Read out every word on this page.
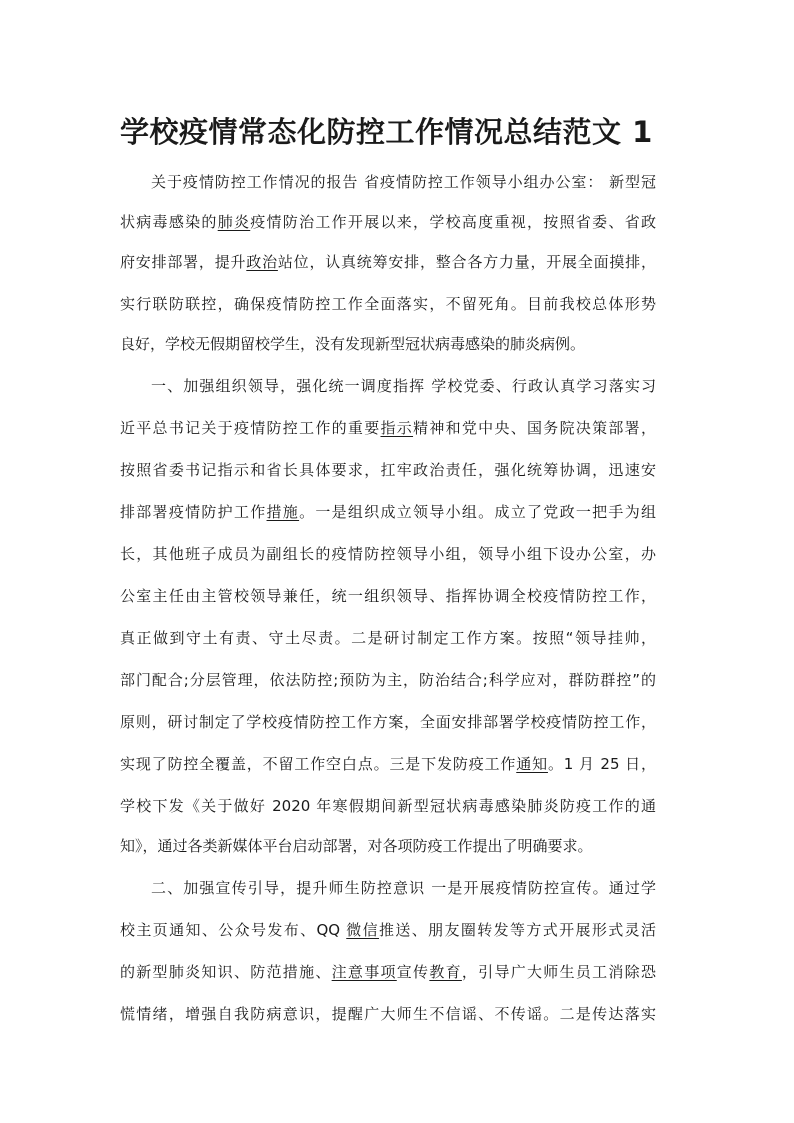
学校疫情常态化防控工作情况总结范文 1

关于疫情防控工作情况的报告 省疫情防控工作领导小组办公室： 新型冠

状病毒感染的肺炎疫情防治工作开展以来，学校高度重视，按照省委、省政

府安排部署，提升政治站位，认真统筹安排，整合各方力量，开展全面摸排，

实行联防联控，确保疫情防控工作全面落实，不留死角。目前我校总体形势

良好，学校无假期留校学生，没有发现新型冠状病毒感染的肺炎病例。

一、加强组织领导，强化统一调度指挥 学校党委、行政认真学习落实习

近平总书记关于疫情防控工作的重要指示精神和党中央、国务院决策部署，

按照省委书记指示和省长具体要求，扛牢政治责任，强化统筹协调，迅速安

排部署疫情防护工作措施。一是组织成立领导小组。成立了党政一把手为组

长，其他班子成员为副组长的疫情防控领导小组，领导小组下设办公室，办

公室主任由主管校领导兼任，统一组织领导、指挥协调全校疫情防控工作，

真正做到守土有责、守土尽责。二是研讨制定工作方案。按照“领导挂帅，

部门配合;分层管理，依法防控;预防为主，防治结合;科学应对，群防群控”的

原则，研讨制定了学校疫情防控工作方案，全面安排部署学校疫情防控工作，

实现了防控全覆盖，不留工作空白点。三是下发防疫工作通知。1 月 25 日，

学校下发《关于做好 2020 年寒假期间新型冠状病毒感染肺炎防疫工作的通

知》，通过各类新媒体平台启动部署，对各项防疫工作提出了明确要求。

二、加强宣传引导，提升师生防控意识 一是开展疫情防控宣传。通过学

校主页通知、公众号发布、QQ 微信推送、朋友圈转发等方式开展形式灵活

的新型肺炎知识、防范措施、注意事项宣传教育，引导广大师生员工消除恐

慌情绪，增强自我防病意识，提醒广大师生不信谣、不传谣。二是传达落实
